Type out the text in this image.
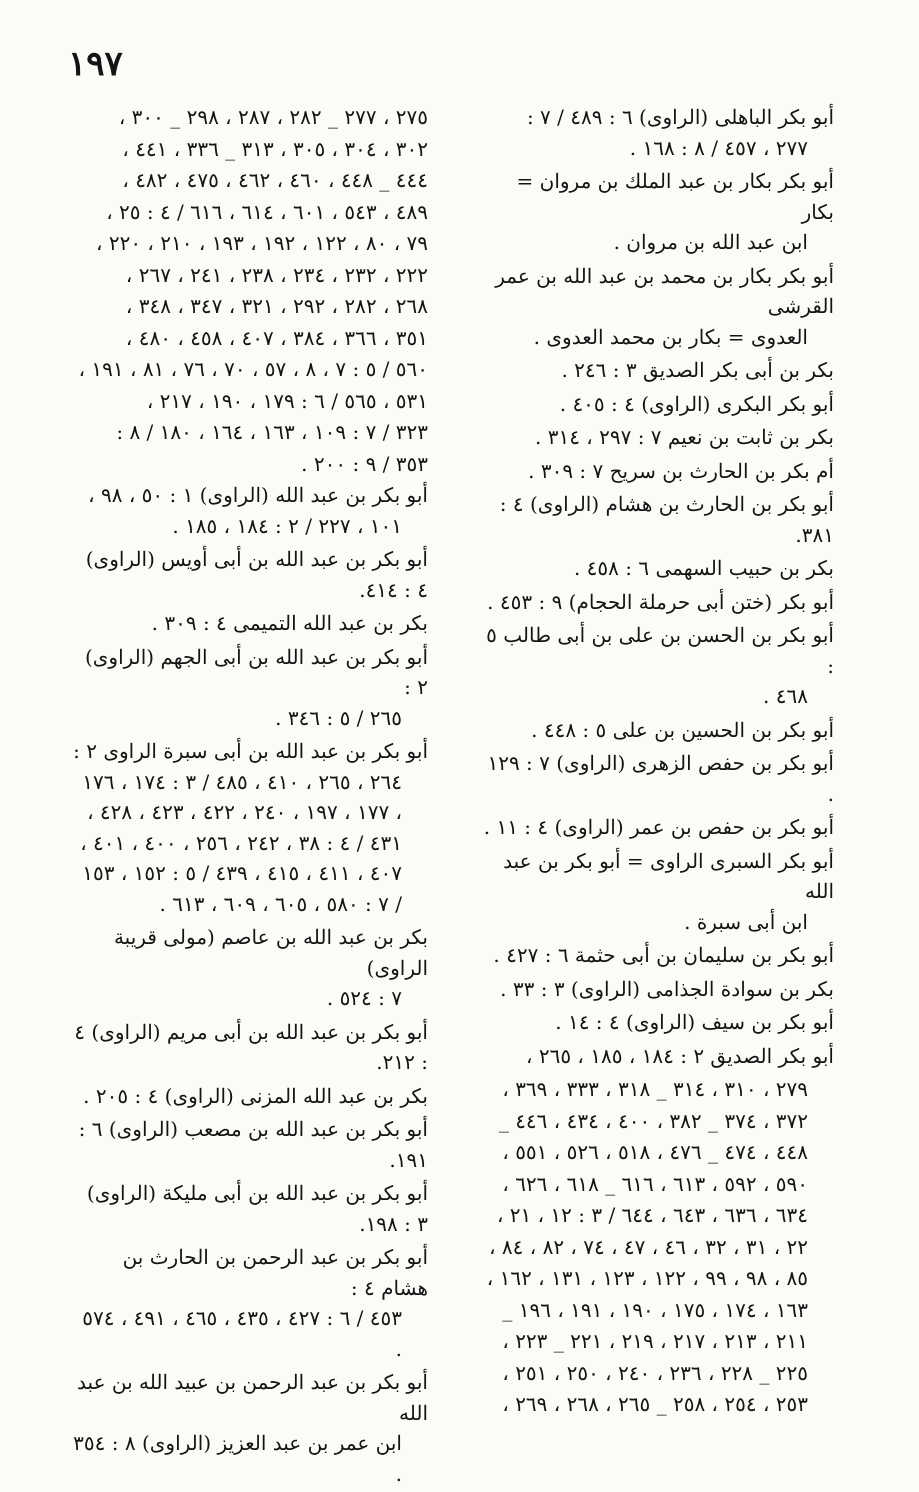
١٩٧
أبو بكر الباهلى (الراوى) ٦ : ٤٨٩ / ٧ :
٢٧٧ ، ٤٥٧ / ٨ : ١٦٨ .
أبو بكر بكار بن عبد الملك بن مروان = بكار
ابن عبد الله بن مروان .
أبو بكر بكار بن محمد بن عبد الله بن عمر القرشى
العدوى = بكار بن محمد العدوى .
بكر بن أبى بكر الصديق ٣ : ٢٤٦ .
أبو بكر البكرى (الراوى) ٤ : ٤٠٥ .
بكر بن ثابت بن نعيم ٧ : ٢٩٧ ، ٣١٤ .
أم بكر بن الحارث بن سريح ٧ : ٣٠٩ .
أبو بكر بن الحارث بن هشام (الراوى) ٤ : ٣٨١.
بكر بن حبيب السهمى ٦ : ٤٥٨ .
أبو بكر (ختن أبى حرملة الحجام) ٩ : ٤٥٣ .
أبو بكر بن الحسن بن على بن أبى طالب ٥ :
٤٦٨ .
أبو بكر بن الحسين بن على ٥ : ٤٤٨ .
أبو بكر بن حفص الزهرى (الراوى) ٧ : ١٢٩ .
أبو بكر بن حفص بن عمر (الراوى) ٤ : ١١ .
أبو بكر السبرى الراوى = أبو بكر بن عبد الله
ابن أبى سبرة .
أبو بكر بن سليمان بن أبى حثمة ٦ : ٤٢٧ .
بكر بن سوادة الجذامى (الراوى) ٣ : ٣٣ .
أبو بكر بن سيف (الراوى) ٤ : ١٤ .
أبو بكر الصديق ٢ : ١٨٤ ، ١٨٥ ، ٢٦٥ ،
٢٧٩ ، ٣١٠ ، ٣١٤ _ ٣١٨ ، ٣٣٣ ، ٣٦٩ ،
٣٧٢ ، ٣٧٤ _ ٣٨٢ ، ٤٠٠ ، ٤٣٤ ، ٤٤٦ _
٤٤٨ ، ٤٧٤ _ ٤٧٦ ، ٥١٨ ، ٥٢٦ ، ٥٥١ ،
٥٩٠ ، ٥٩٢ ، ٦١٣ ، ٦١٦ _ ٦١٨ ، ٦٢٦ ،
٦٣٤ ، ٦٣٦ ، ٦٤٣ ، ٦٤٤ / ٣ : ١٢ ، ٢١ ،
٢٢ ، ٣١ ، ٣٢ ، ٤٦ ، ٤٧ ، ٧٤ ، ٨٢ ، ٨٤ ،
٨٥ ، ٩٨ ، ٩٩ ، ١٢٢ ، ١٢٣ ، ١٣١ ، ١٦٢ ،
١٦٣ ، ١٧٤ ، ١٧٥ ، ١٩٠ ، ١٩١ ، ١٩٦ _
٢١١ ، ٢١٣ ، ٢١٧ ، ٢١٩ ، ٢٢١ _ ٢٢٣ ،
٢٢٥ _ ٢٢٨ ، ٢٣٦ ، ٢٤٠ ، ٢٥٠ ، ٢٥١ ،
٢٥٣ ، ٢٥٤ ، ٢٥٨ _ ٢٦٥ ، ٢٦٨ ، ٢٦٩ ،
٢٧٥ ، ٢٧٧ _ ٢٨٢ ، ٢٨٧ ، ٢٩٨ _ ٣٠٠ ،
٣٠٢ ، ٣٠٤ ، ٣٠٥ ، ٣١٣ _ ٣٣٦ ، ٤٤١ ،
٤٤٤ _ ٤٤٨ ، ٤٦٠ ، ٤٦٢ ، ٤٧٥ ، ٤٨٢ ،
٤٨٩ ، ٥٤٣ ، ٦٠١ ، ٦١٤ ، ٦١٦ / ٤ : ٢٥ ،
٧٩ ، ٨٠ ، ١٢٢ ، ١٩٢ ، ١٩٣ ، ٢١٠ ، ٢٢٠ ،
٢٢٢ ، ٢٣٢ ، ٢٣٤ ، ٢٣٨ ، ٢٤١ ، ٢٦٧ ،
٢٦٨ ، ٢٨٢ ، ٢٩٢ ، ٣٢١ ، ٣٤٧ ، ٣٤٨ ،
٣٥١ ، ٣٦٦ ، ٣٨٤ ، ٤٠٧ ، ٤٥٨ ، ٤٨٠ ،
٥٦٠ / ٥ : ٧ ، ٨ ، ٥٧ ، ٧٠ ، ٧٦ ، ٨١ ، ١٩١ ،
٥٣١ ، ٥٦٥ / ٦ : ١٧٩ ، ١٩٠ ، ٢١٧ ،
٣٢٣ / ٧ : ١٠٩ ، ١٦٣ ، ١٦٤ ، ١٨٠ / ٨ :
٣٥٣ / ٩ : ٢٠٠ .
أبو بكر بن عبد الله (الراوى) ١ : ٥٠ ، ٩٨ ،
١٠١ ، ٢٢٧ / ٢ : ١٨٤ ، ١٨٥ .
أبو بكر بن عبد الله بن أبى أويس (الراوى) ٤ : ٤١٤.
بكر بن عبد الله التميمى ٤ : ٣٠٩ .
أبو بكر بن عبد الله بن أبى الجهم (الراوى) ٢ :
٢٦٥ / ٥ : ٣٤٦ .
أبو بكر بن عبد الله بن أبى سبرة الراوى ٢ :
٢٦٤ ، ٢٦٥ ، ٤١٠ ، ٤٨٥ / ٣ : ١٧٤ ، ١٧٦ ، ١٧٧ ، ١٩٧ ، ٢٤٠ ، ٤٢٢ ، ٤٢٣ ، ٤٢٨ ، ٤٣١ / ٤ : ٣٨ ، ٢٤٢ ، ٢٥٦ ، ٤٠٠ ، ٤٠١ ، ٤٠٧ ، ٤١١ ، ٤١٥ ، ٤٣٩ / ٥ : ١٥٢ ، ١٥٣ / ٧ : ٥٨٠ ، ٦٠٥ ، ٦٠٩ ، ٦١٣ .
بكر بن عبد الله بن عاصم (مولى قريبة الراوى)
٧ : ٥٢٤ .
أبو بكر بن عبد الله بن أبى مريم (الراوى) ٤ : ٢١٢.
بكر بن عبد الله المزنى (الراوى) ٤ : ٢٠٥ .
أبو بكر بن عبد الله بن مصعب (الراوى) ٦ : ١٩١.
أبو بكر بن عبد الله بن أبى مليكة (الراوى) ٣ : ١٩٨.
أبو بكر بن عبد الرحمن بن الحارث بن هشام ٤ :
٤٥٣ / ٦ : ٤٢٧ ، ٤٣٥ ، ٤٦٥ ، ٤٩١ ، ٥٧٤ .
أبو بكر بن عبد الرحمن بن عبيد الله بن عبد الله
ابن عمر بن عبد العزيز (الراوى) ٨ : ٣٥٤ .
